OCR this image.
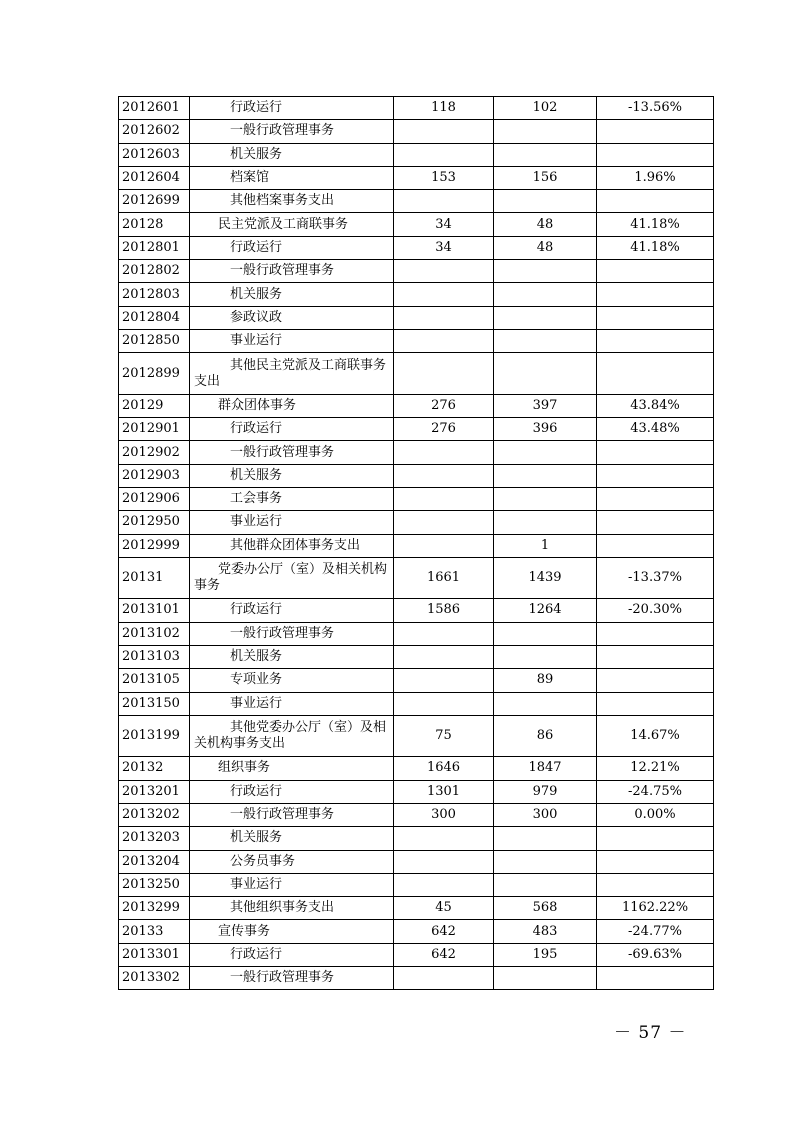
2012601	行政运行	118	102	-13.56%
2012602	一般行政管理事务			
2012603	机关服务			
2012604	档案馆	153	156	1.96%
2012699	其他档案事务支出			
20128	民主党派及工商联事务	34	48	41.18%
2012801	行政运行	34	48	41.18%
2012802	一般行政管理事务			
2012803	机关服务			
2012804	参政议政			
2012850	事业运行			
2012899	其他民主党派及工商联事务
支出			
20129	群众团体事务	276	397	43.84%
2012901	行政运行	276	396	43.48%
2012902	一般行政管理事务			
2012903	机关服务			
2012906	工会事务			
2012950	事业运行			
2012999	其他群众团体事务支出		1	
20131	党委办公厅（室）及相关机构
事务	1661	1439	-13.37%
2013101	行政运行	1586	1264	-20.30%
2013102	一般行政管理事务			
2013103	机关服务			
2013105	专项业务		89	
2013150	事业运行			
2013199	其他党委办公厅（室）及相
关机构事务支出	75	86	14.67%
20132	组织事务	1646	1847	12.21%
2013201	行政运行	1301	979	-24.75%
2013202	一般行政管理事务	300	300	0.00%
2013203	机关服务			
2013204	公务员事务			
2013250	事业运行			
2013299	其他组织事务支出	45	568	1162.22%
20133	宣传事务	642	483	-24.77%
2013301	行政运行	642	195	-69.63%
2013302	一般行政管理事务			
－ 57 －
